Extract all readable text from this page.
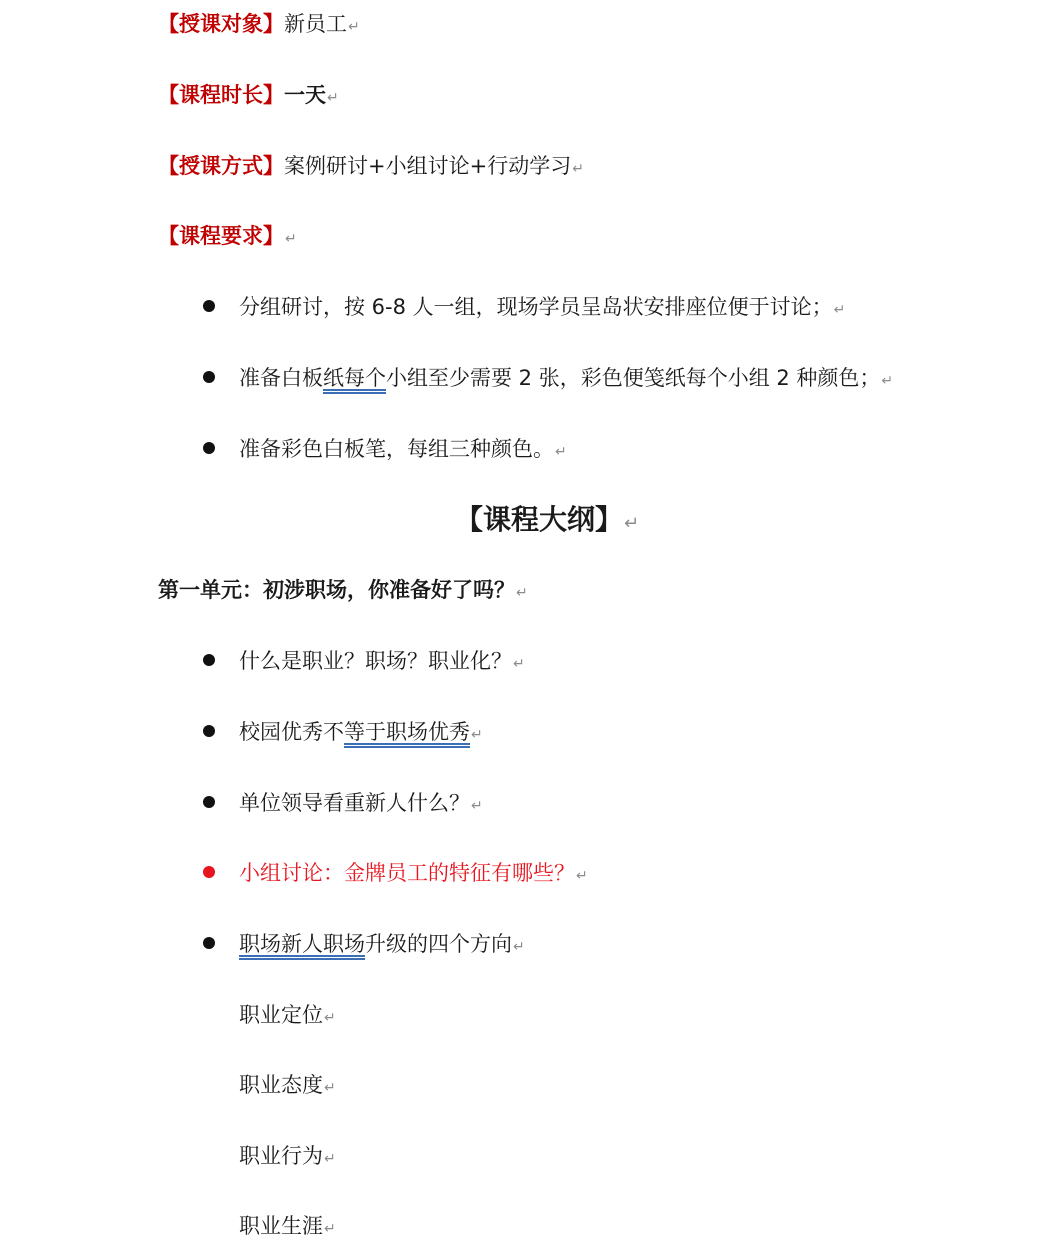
【授课对象】新员工↵
【课程时长】一天↵
【授课方式】案例研讨+小组讨论+行动学习↵
【课程要求】↵
分组研讨，按 6-8 人一组，现场学员呈岛状安排座位便于讨论；↵
准备白板纸每个小组至少需要 2 张，彩色便笺纸每个小组 2 种颜色；↵
准备彩色白板笔，每组三种颜色。↵
【课程大纲】↵
第一单元：初涉职场，你准备好了吗？↵
什么是职业？职场？职业化？↵
校园优秀不等于职场优秀↵
单位领导看重新人什么？↵
小组讨论：金牌员工的特征有哪些？↵
职场新人职场升级的四个方向↵
职业定位↵
职业态度↵
职业行为↵
职业生涯↵
